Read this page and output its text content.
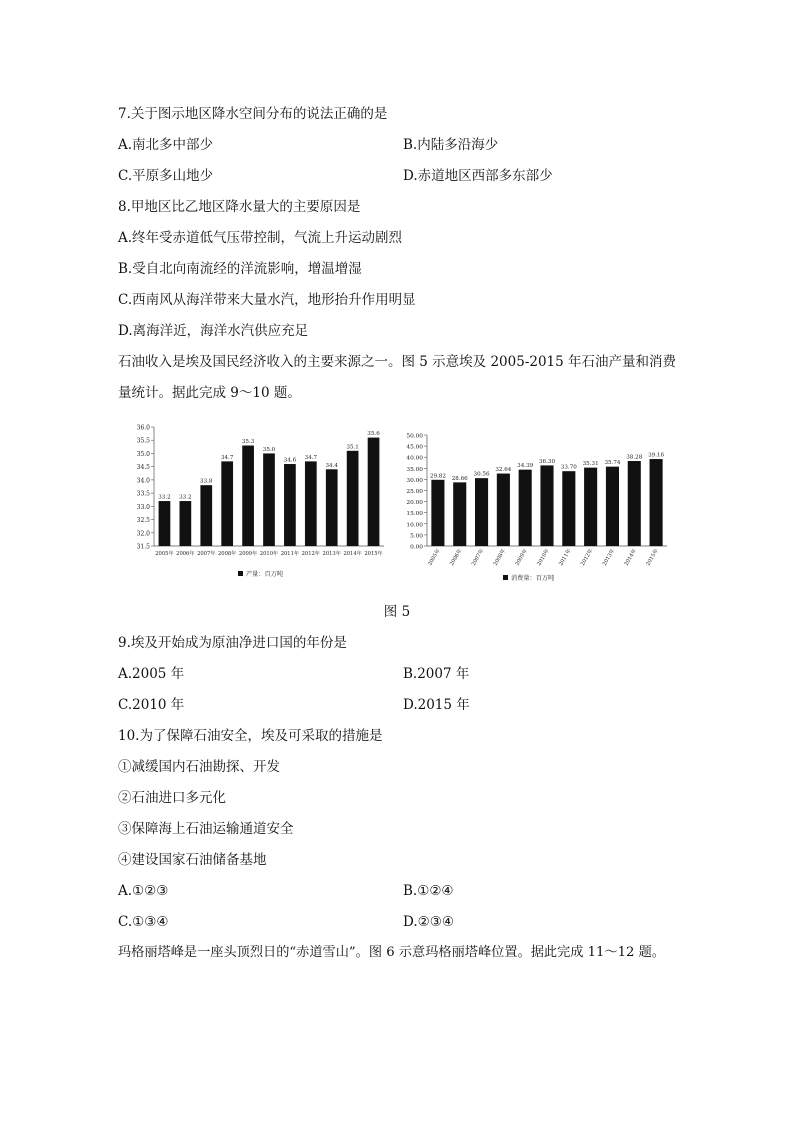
7.关于图示地区降水空间分布的说法正确的是
A.南北多中部少	B.内陆多沿海少
C.平原多山地少	D.赤道地区西部多东部少
8.甲地区比乙地区降水量大的主要原因是
A.终年受赤道低气压带控制，气流上升运动剧烈
B.受自北向南流经的洋流影响，增温增湿
C.西南风从海洋带来大量水汽，地形抬升作用明显
D.离海洋近，海洋水汽供应充足
石油收入是埃及国民经济收入的主要来源之一。图 5 示意埃及 2005-2015 年石油产量和消费
量统计。据此完成 9～10 题。
31.5
32.0
32.5
33.0
33.5
34.0
34.5
35.0
35.5
36.0
33.2
2005年
33.2
2006年
33.8
2007年
34.7
2008年
35.3
2009年
35.0
2010年
34.6
2011年
34.7
2012年
34.4
2013年
35.1
2014年
35.6
2015年
产量：百万吨
0.00
5.00
10.00
15.00
20.00
25.00
30.00
35.00
40.00
45.00
50.00
29.82
2005年
28.66
2006年
30.56
2007年
32.64
2008年
34.39
2009年
36.30
2010年
33.70
2011年
35.31
2012年
35.74
2013年
38.28
2014年
39.16
2015年
消费量：百万吨
图 5
9.埃及开始成为原油净进口国的年份是
A.2005 年	B.2007 年
C.2010 年	D.2015 年
10.为了保障石油安全，埃及可采取的措施是
①减缓国内石油勘探、开发
②石油进口多元化
③保障海上石油运输通道安全
④建设国家石油储备基地
A.①②③	B.①②④
C.①③④	D.②③④
玛格丽塔峰是一座头顶烈日的“赤道雪山”。图 6 示意玛格丽塔峰位置。据此完成 11～12 题。
